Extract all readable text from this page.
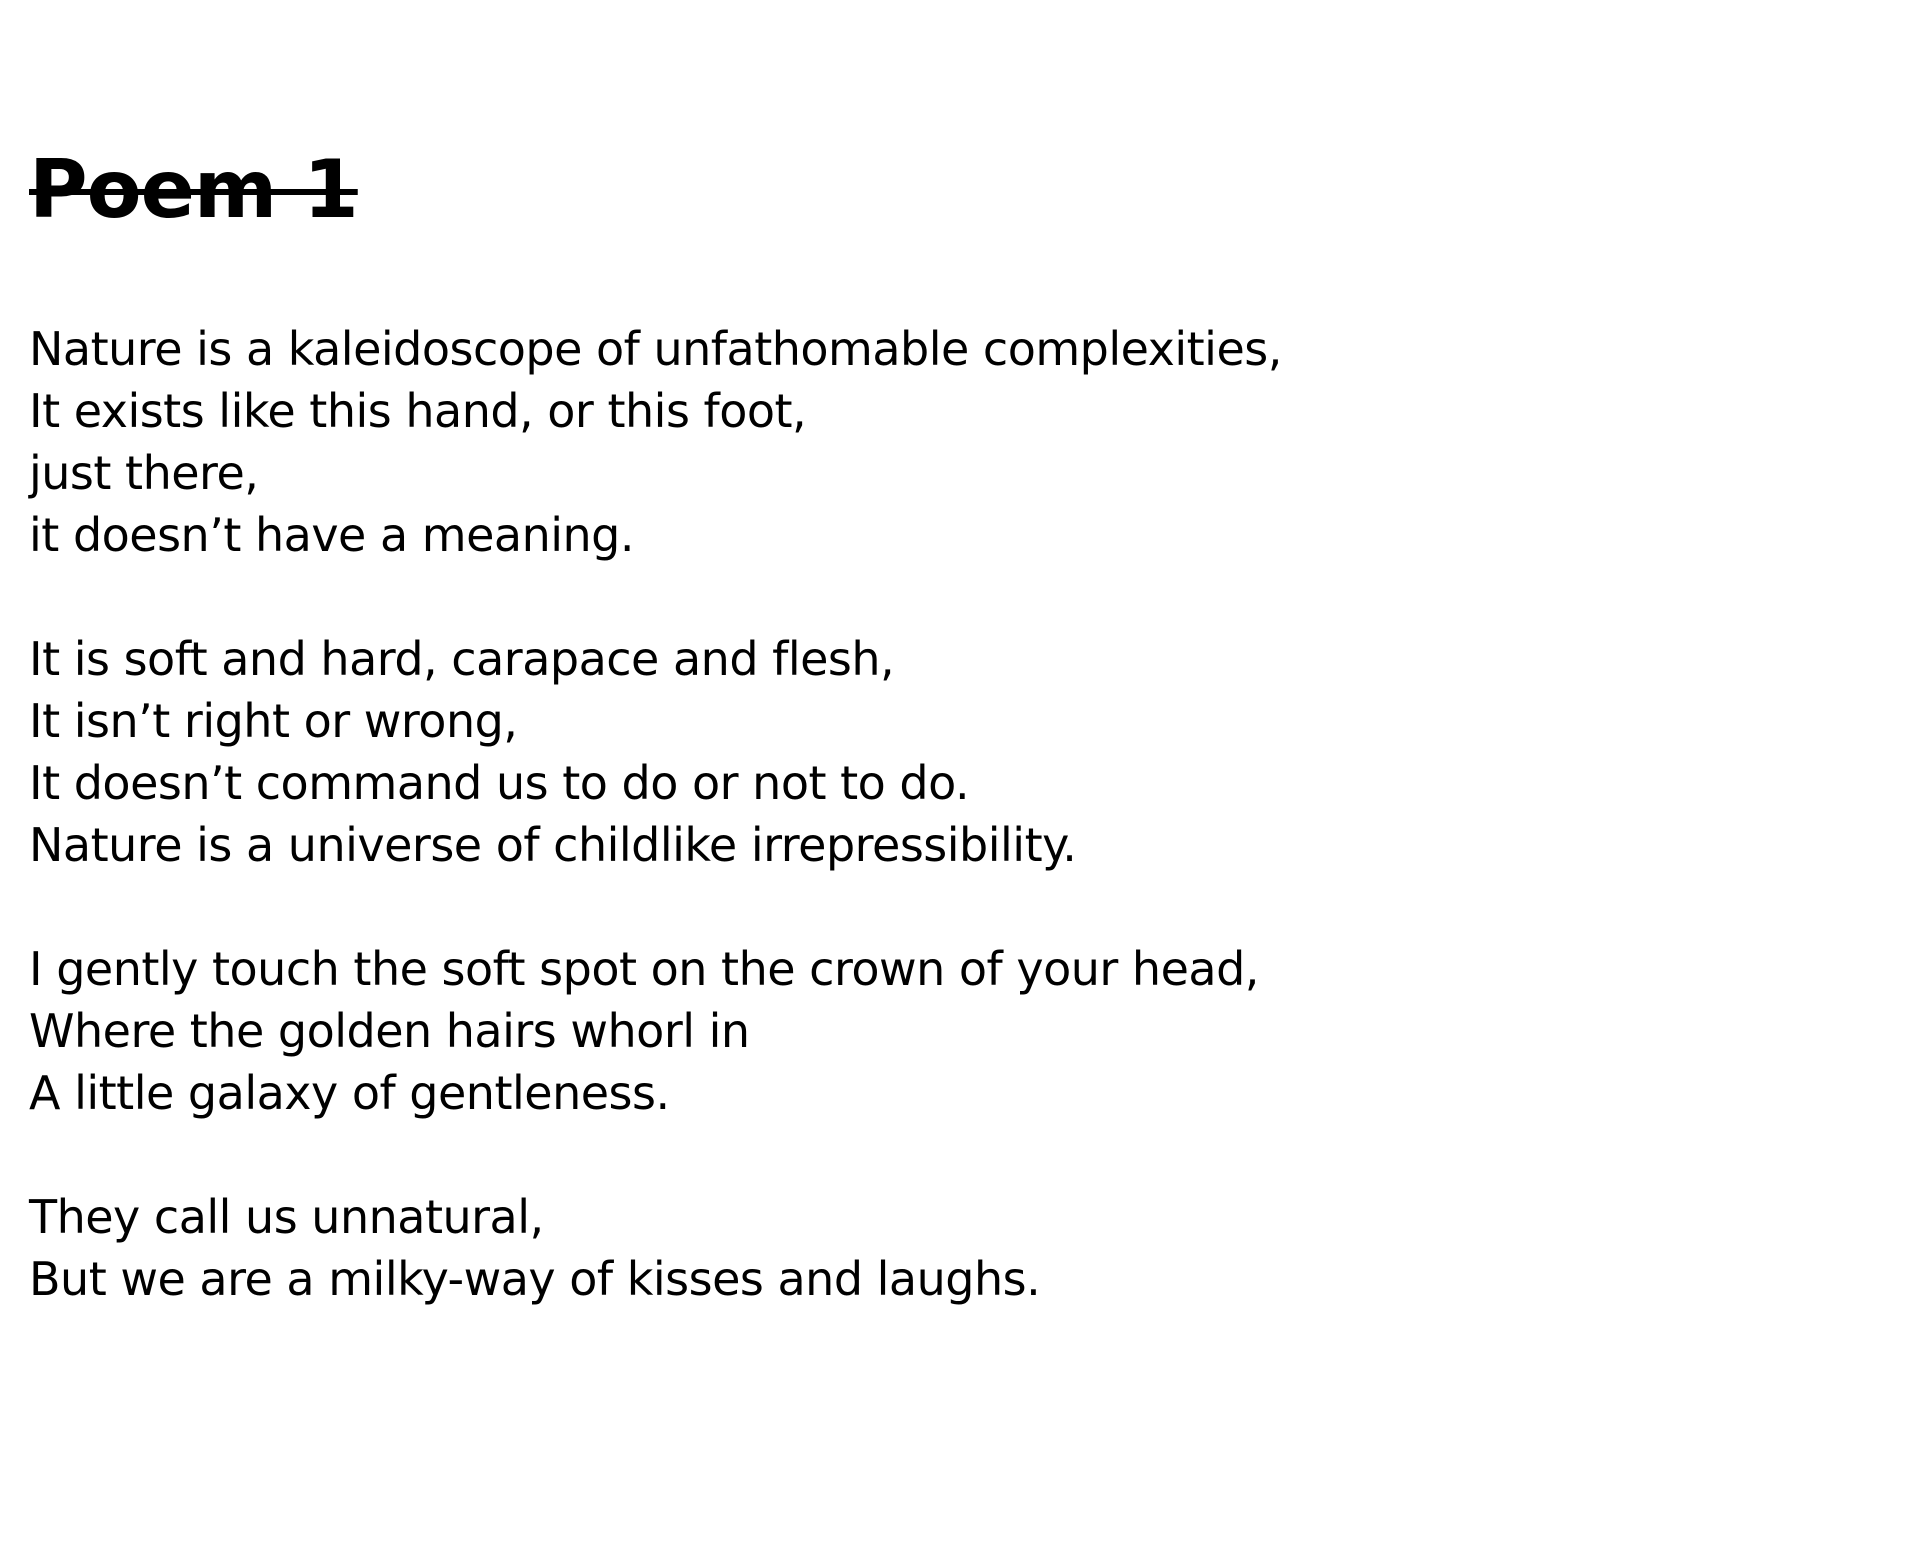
Poem 1
Nature is a kaleidoscope of unfathomable complexities,
It exists like this hand, or this foot,
just there,
it doesn’t have a meaning.
It is soft and hard, carapace and flesh,
It isn’t right or wrong,
It doesn’t command us to do or not to do.
Nature is a universe of childlike irrepressibility.
I gently touch the soft spot on the crown of your head,
Where the golden hairs whorl in
A little galaxy of gentleness.
They call us unnatural,
But we are a milky-way of kisses and laughs.
